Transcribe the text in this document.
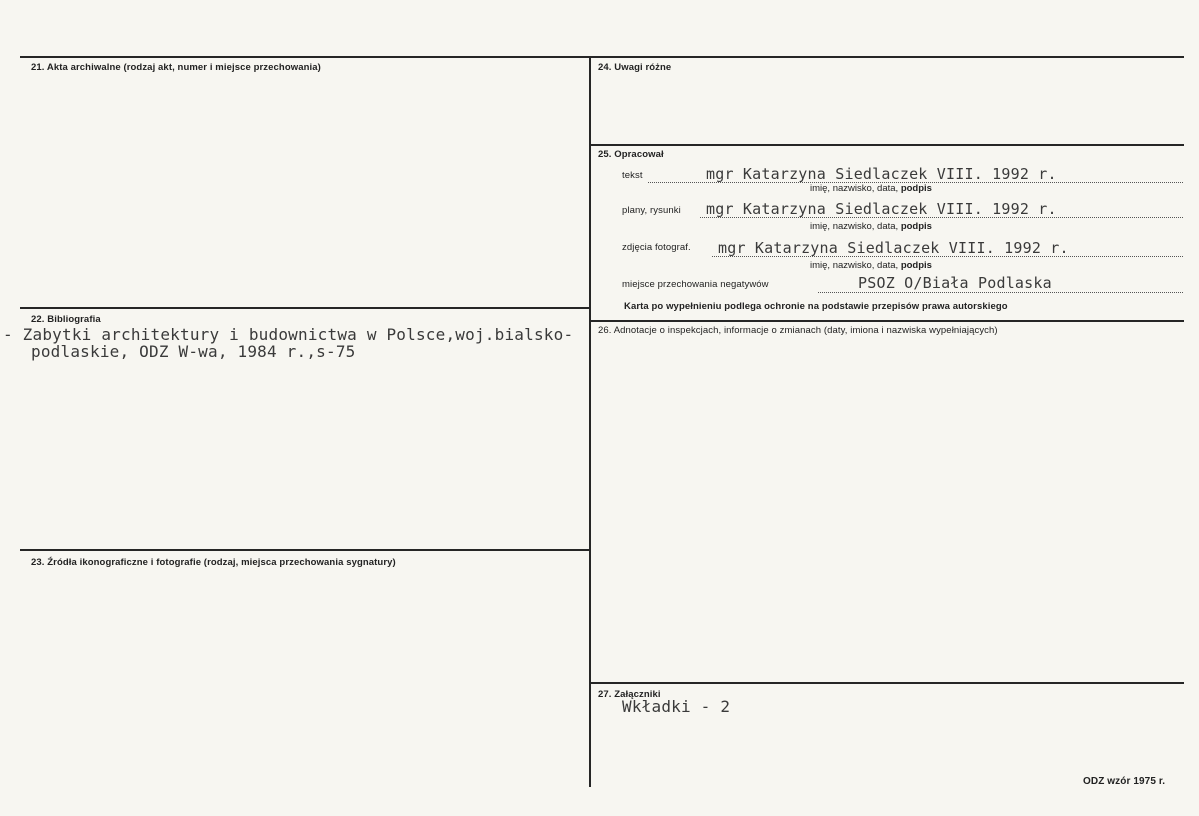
21. Akta archiwalne (rodzaj akt, numer i miejsce przechowania)
22. Bibliografia
- Zabytki architektury i budownictwa w Polsce,woj.bialsko-
podlaskie, ODZ W-wa, 1984 r.,s-75
23. Źródła ikonograficzne i fotografie (rodzaj, miejsca przechowania sygnatury)
24. Uwagi różne
25. Opracował
tekst	mgr Katarzyna Siedlaczek VIII. 1992 r.
imię, nazwisko, data, podpis
plany, rysunki mgr Katarzyna Siedlaczek VIII. 1992 r.
imię, nazwisko, data, podpis
zdjęcia fotograf. mgr Katarzyna Siedlaczek VIII. 1992 r.
imię, nazwisko, data, podpis
miejsce przechowania negatywów	PSOZ O/Biała Podlaska
Karta po wypełnieniu podlega ochronie na podstawie przepisów prawa autorskiego
26. Adnotacje o inspekcjach, informacje o zmianach (daty, imiona i nazwiska wypełniających)
27. Załączniki
Wkładki - 2
ODZ wzór 1975 r.
